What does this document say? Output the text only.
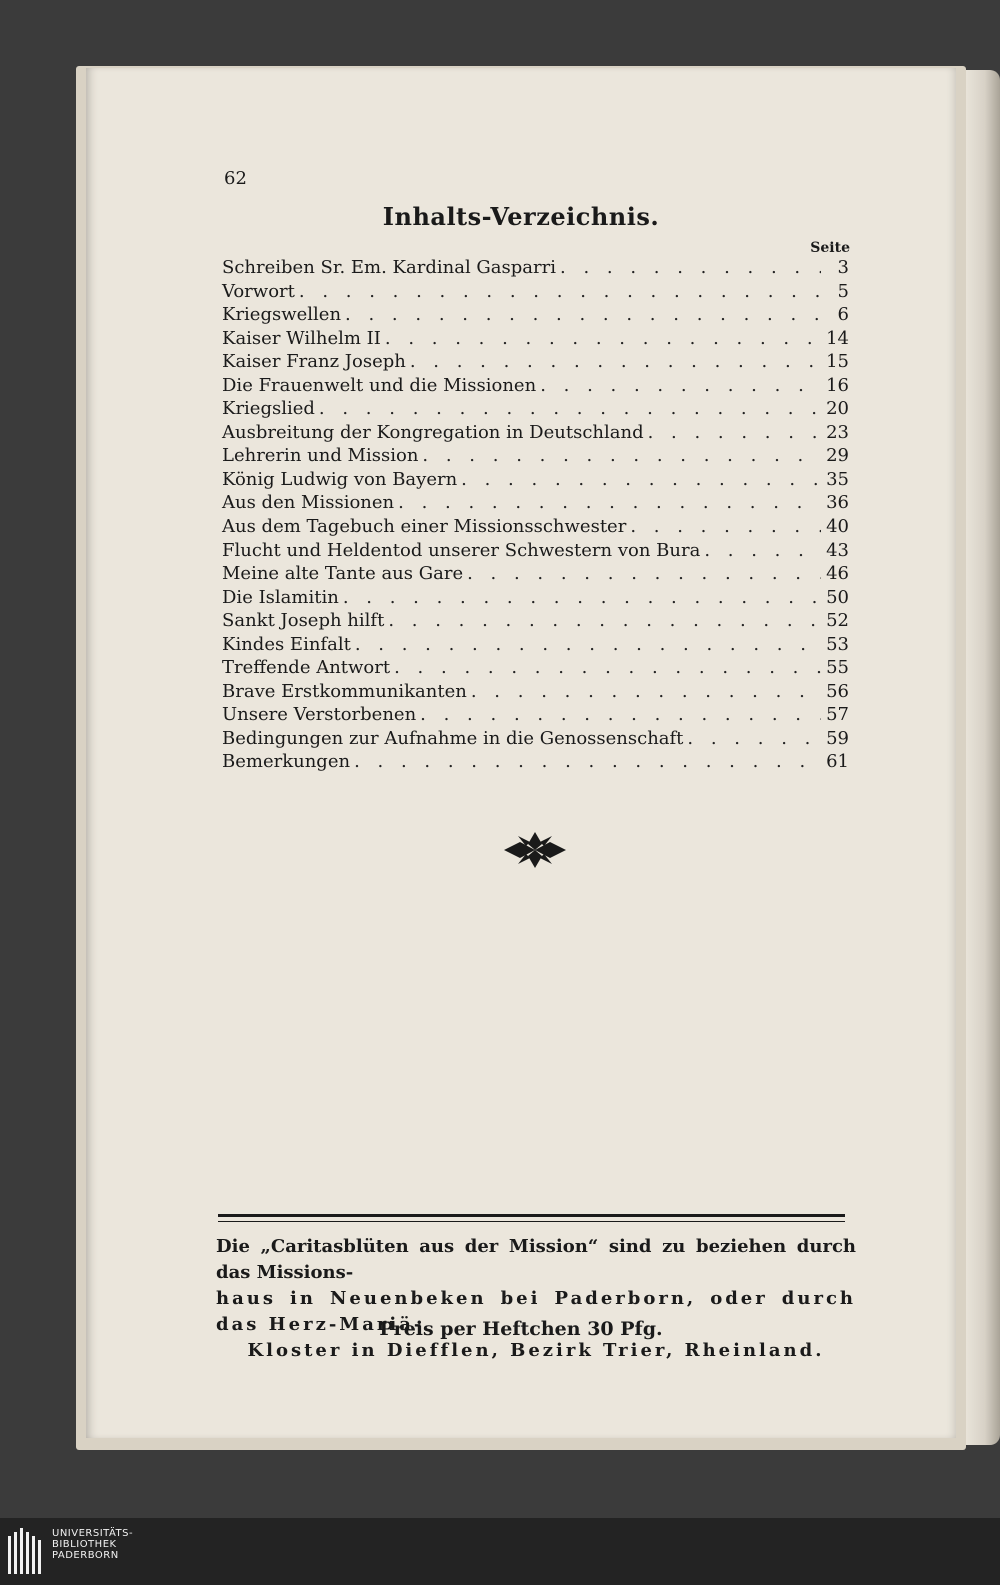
62
Inhalts-Verzeichnis.
Seite
Schreiben Sr. Em. Kardinal Gasparri . . .	3
Vorwort . . .	5
Kriegswellen . . .	6
Kaiser Wilhelm II . . .	14
Kaiser Franz Joseph . . .	15
Die Frauenwelt und die Missionen . . .	16
Kriegslied . . .	20
Ausbreitung der Kongregation in Deutschland . . .	23
Lehrerin und Mission . . .	29
König Ludwig von Bayern . . .	35
Aus den Missionen . . .	36
Aus dem Tagebuch einer Missionsschwester . . .	40
Flucht und Heldentod unserer Schwestern von Bura . . .	43
Meine alte Tante aus Gare . . .	46
Die Islamitin . . .	50
Sankt Joseph hilft . . .	52
Kindes Einfalt . . .	53
Treffende Antwort . . .	55
Brave Erstkommunikanten . . .	56
Unsere Verstorbenen . . .	57
Bedingungen zur Aufnahme in die Genossenschaft . . .	59
Bemerkungen . . .	61
Die „Caritasblüten aus der Mission“ sind zu beziehen durch das Missions-
haus in Neuenbeken bei Paderborn, oder durch das Herz-Mariä-

Kloster in Diefflen, Bezirk Trier, Rheinland.
Preis per Heftchen 30 Pfg.
UNIVERSITÄTS-
BIBLIOTHEK
PADERBORN
